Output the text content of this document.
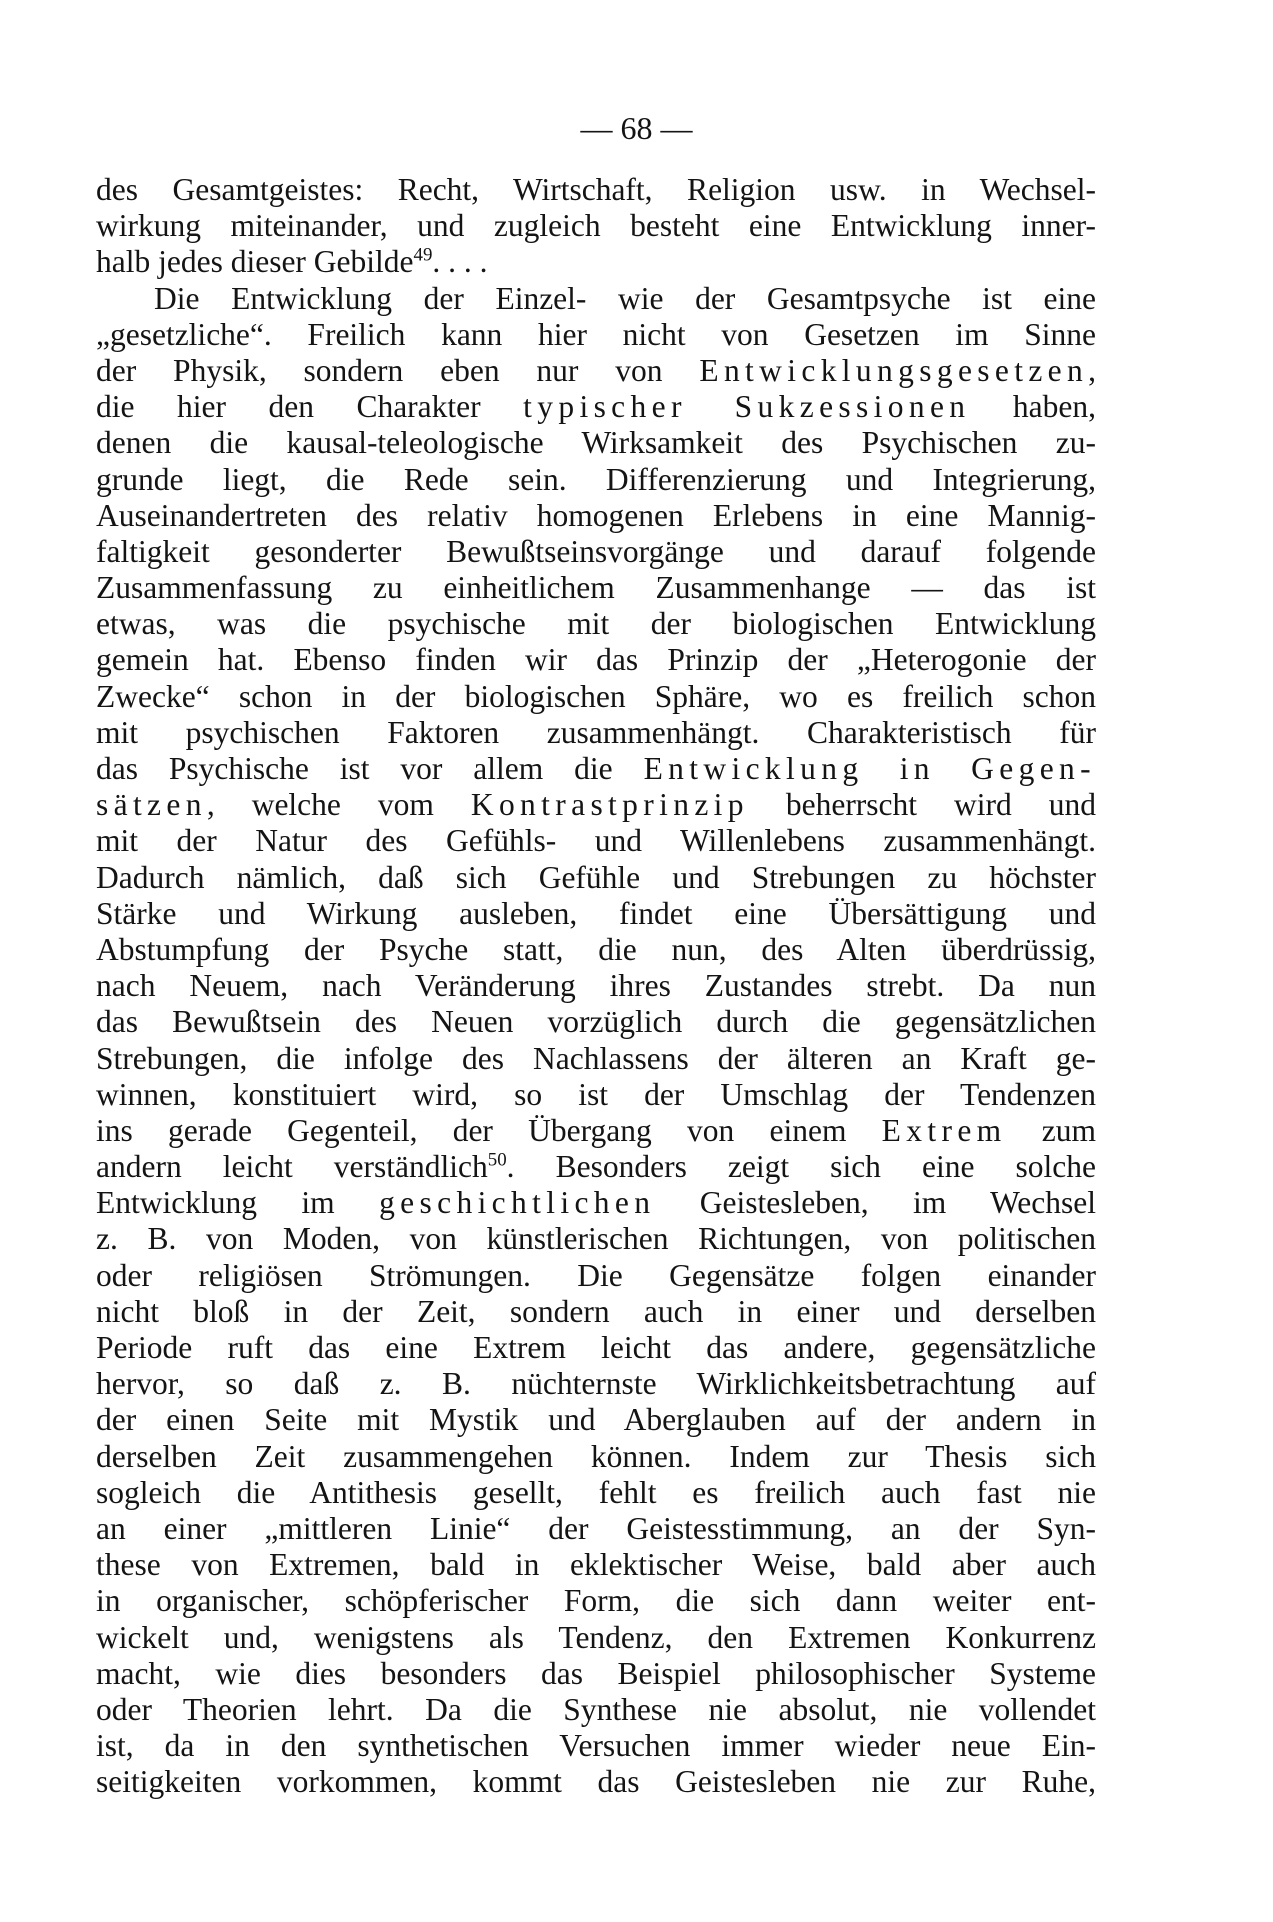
— 68 —
des Gesamtgeistes: Recht, Wirtschaft, Religion usw. in Wechsel-
wirkung miteinander, und zugleich besteht eine Entwicklung inner-
halb jedes dieser Gebilde$^{49}$. . . .
Die Entwicklung der Einzel- wie der Gesamtpsyche ist eine
„gesetzliche“. Freilich kann hier nicht von Gesetzen im Sinne
der Physik, sondern eben nur von Entwicklungsgesetzen,
die hier den Charakter typischer Sukzessionen haben,
denen die kausal-teleologische Wirksamkeit des Psychischen zu-
grunde liegt, die Rede sein. Differenzierung und Integrierung,
Auseinandertreten des relativ homogenen Erlebens in eine Mannig-
faltigkeit gesonderter Bewußtseinsvorgänge und darauf folgende
Zusammenfassung zu einheitlichem Zusammenhange — das ist
etwas, was die psychische mit der biologischen Entwicklung
gemein hat. Ebenso finden wir das Prinzip der „Heterogonie der
Zwecke“ schon in der biologischen Sphäre, wo es freilich schon
mit psychischen Faktoren zusammenhängt. Charakteristisch für
das Psychische ist vor allem die Entwicklung in Gegen-
sätzen, welche vom Kontrastprinzip beherrscht wird und
mit der Natur des Gefühls- und Willenlebens zusammenhängt.
Dadurch nämlich, daß sich Gefühle und Strebungen zu höchster
Stärke und Wirkung ausleben, findet eine Übersättigung und
Abstumpfung der Psyche statt, die nun, des Alten überdrüssig,
nach Neuem, nach Veränderung ihres Zustandes strebt. Da nun
das Bewußtsein des Neuen vorzüglich durch die gegensätzlichen
Strebungen, die infolge des Nachlassens der älteren an Kraft ge-
winnen, konstituiert wird, so ist der Umschlag der Tendenzen
ins gerade Gegenteil, der Übergang von einem Extrem zum
andern leicht verständlich$^{50}$. Besonders zeigt sich eine solche
Entwicklung im geschichtlichen Geistesleben, im Wechsel
z. B. von Moden, von künstlerischen Richtungen, von politischen
oder religiösen Strömungen. Die Gegensätze folgen einander
nicht bloß in der Zeit, sondern auch in einer und derselben
Periode ruft das eine Extrem leicht das andere, gegensätzliche
hervor, so daß z. B. nüchternste Wirklichkeitsbetrachtung auf
der einen Seite mit Mystik und Aberglauben auf der andern in
derselben Zeit zusammengehen können. Indem zur Thesis sich
sogleich die Antithesis gesellt, fehlt es freilich auch fast nie
an einer „mittleren Linie“ der Geistesstimmung, an der Syn-
these von Extremen, bald in eklektischer Weise, bald aber auch
in organischer, schöpferischer Form, die sich dann weiter ent-
wickelt und, wenigstens als Tendenz, den Extremen Konkurrenz
macht, wie dies besonders das Beispiel philosophischer Systeme
oder Theorien lehrt. Da die Synthese nie absolut, nie vollendet
ist, da in den synthetischen Versuchen immer wieder neue Ein-
seitigkeiten vorkommen, kommt das Geistesleben nie zur Ruhe,
